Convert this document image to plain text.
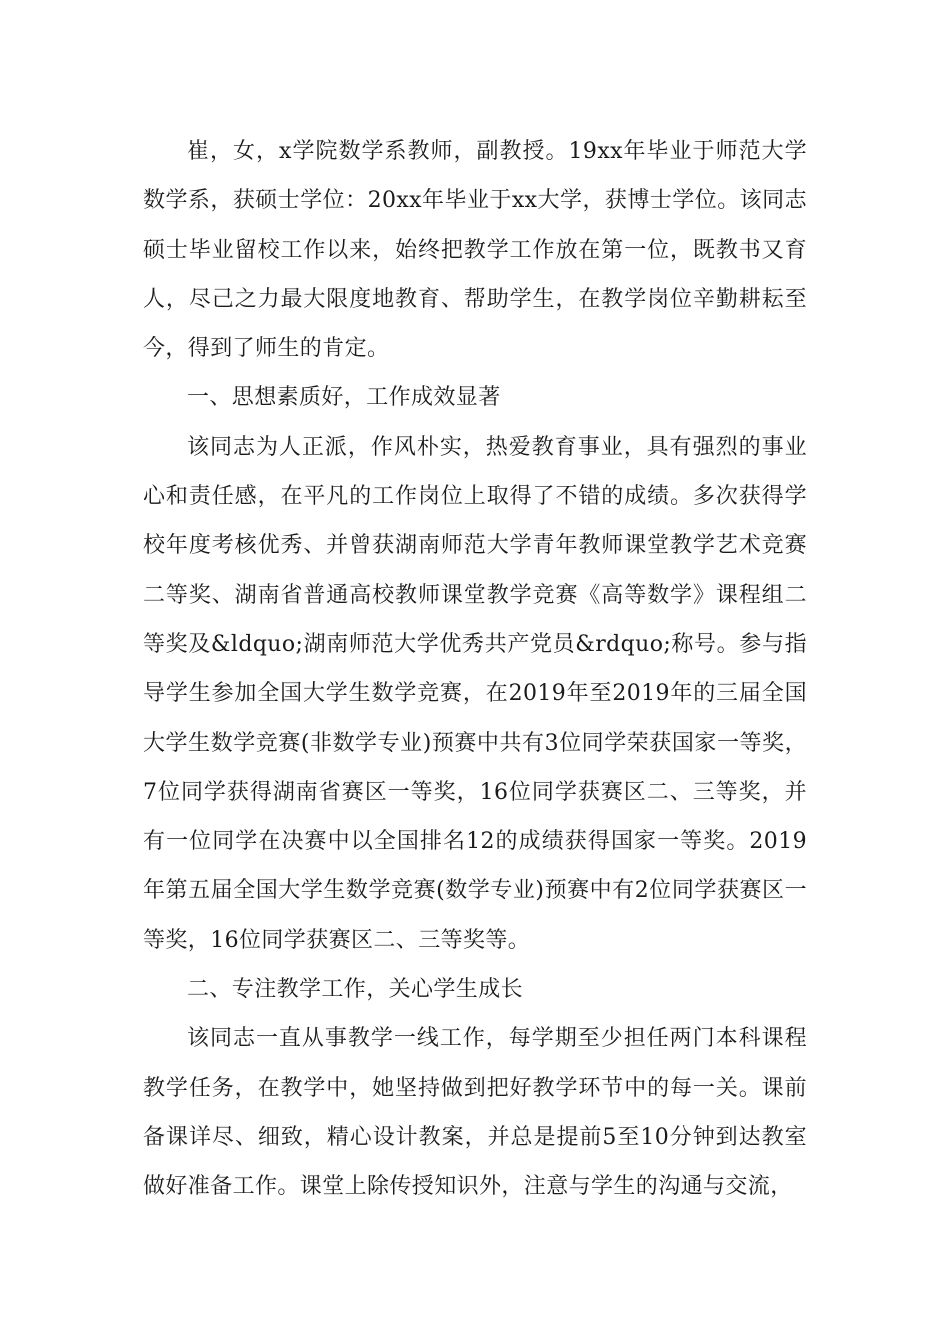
崔，女，x学院数学系教师，副教授。19xx年毕业于师范大学数学系，获硕士学位：20xx年毕业于xx大学，获博士学位。该同志硕士毕业留校工作以来，始终把教学工作放在第一位，既教书又育人，尽己之力最大限度地教育、帮助学生，在教学岗位辛勤耕耘至今，得到了师生的肯定。

一、思想素质好，工作成效显著

该同志为人正派，作风朴实，热爱教育事业，具有强烈的事业心和责任感，在平凡的工作岗位上取得了不错的成绩。多次获得学校年度考核优秀、并曾获湖南师范大学青年教师课堂教学艺术竞赛二等奖、湖南省普通高校教师课堂教学竞赛《高等数学》课程组二等奖及&ldquo;湖南师范大学优秀共产党员&rdquo;称号。参与指导学生参加全国大学生数学竞赛，在2019年至2019年的三届全国大学生数学竞赛(非数学专业)预赛中共有3位同学荣获国家一等奖，7位同学获得湖南省赛区一等奖，16位同学获赛区二、三等奖，并有一位同学在决赛中以全国排名12的成绩获得国家一等奖。2019年第五届全国大学生数学竞赛(数学专业)预赛中有2位同学获赛区一等奖，16位同学获赛区二、三等奖等。

二、专注教学工作，关心学生成长

该同志一直从事教学一线工作，每学期至少担任两门本科课程教学任务，在教学中，她坚持做到把好教学环节中的每一关。课前备课详尽、细致，精心设计教案，并总是提前5至10分钟到达教室做好准备工作。课堂上除传授知识外，注意与学生的沟通与交流，
